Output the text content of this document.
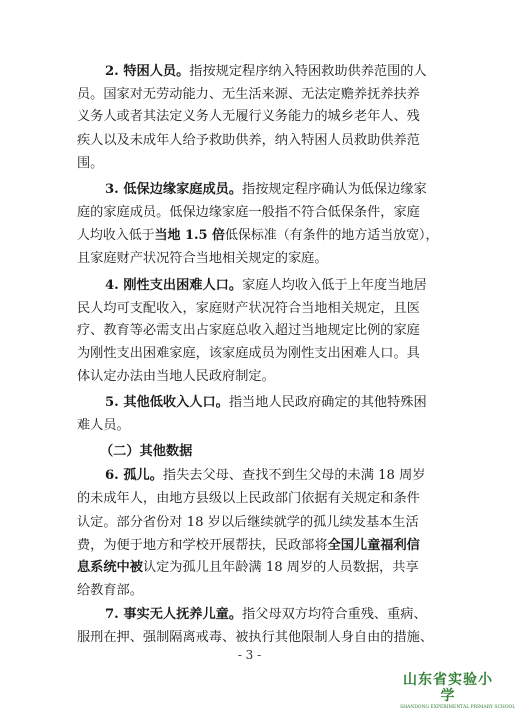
2. 特困人员。指按规定程序纳入特困救助供养范围的人
员。国家对无劳动能力、无生活来源、无法定赡养抚养扶养
义务人或者其法定义务人无履行义务能力的城乡老年人、残
疾人以及未成年人给予救助供养，纳入特困人员救助供养范
围。
3. 低保边缘家庭成员。指按规定程序确认为低保边缘家
庭的家庭成员。低保边缘家庭一般指不符合低保条件，家庭
人均收入低于当地 1.5 倍低保标准（有条件的地方适当放宽），
且家庭财产状况符合当地相关规定的家庭。
4. 刚性支出困难人口。家庭人均收入低于上年度当地居
民人均可支配收入，家庭财产状况符合当地相关规定，且医
疗、教育等必需支出占家庭总收入超过当地规定比例的家庭
为刚性支出困难家庭，该家庭成员为刚性支出困难人口。具
体认定办法由当地人民政府制定。
5. 其他低收入人口。指当地人民政府确定的其他特殊困
难人员。
（二）其他数据
6. 孤儿。指失去父母、查找不到生父母的未满 18 周岁
的未成年人，由地方县级以上民政部门依据有关规定和条件
认定。部分省份对 18 岁以后继续就学的孤儿续发基本生活
费，为便于地方和学校开展帮扶，民政部将全国儿童福利信
息系统中被认定为孤儿且年龄满 18 周岁的人员数据，共享
给教育部。
7. 事实无人抚养儿童。指父母双方均符合重残、重病、
服刑在押、强制隔离戒毒、被执行其他限制人身自由的措施、
- 3 -
山东省实验小学
SHANDONG EXPERIMENTAL PRIMARY SCHOOL
